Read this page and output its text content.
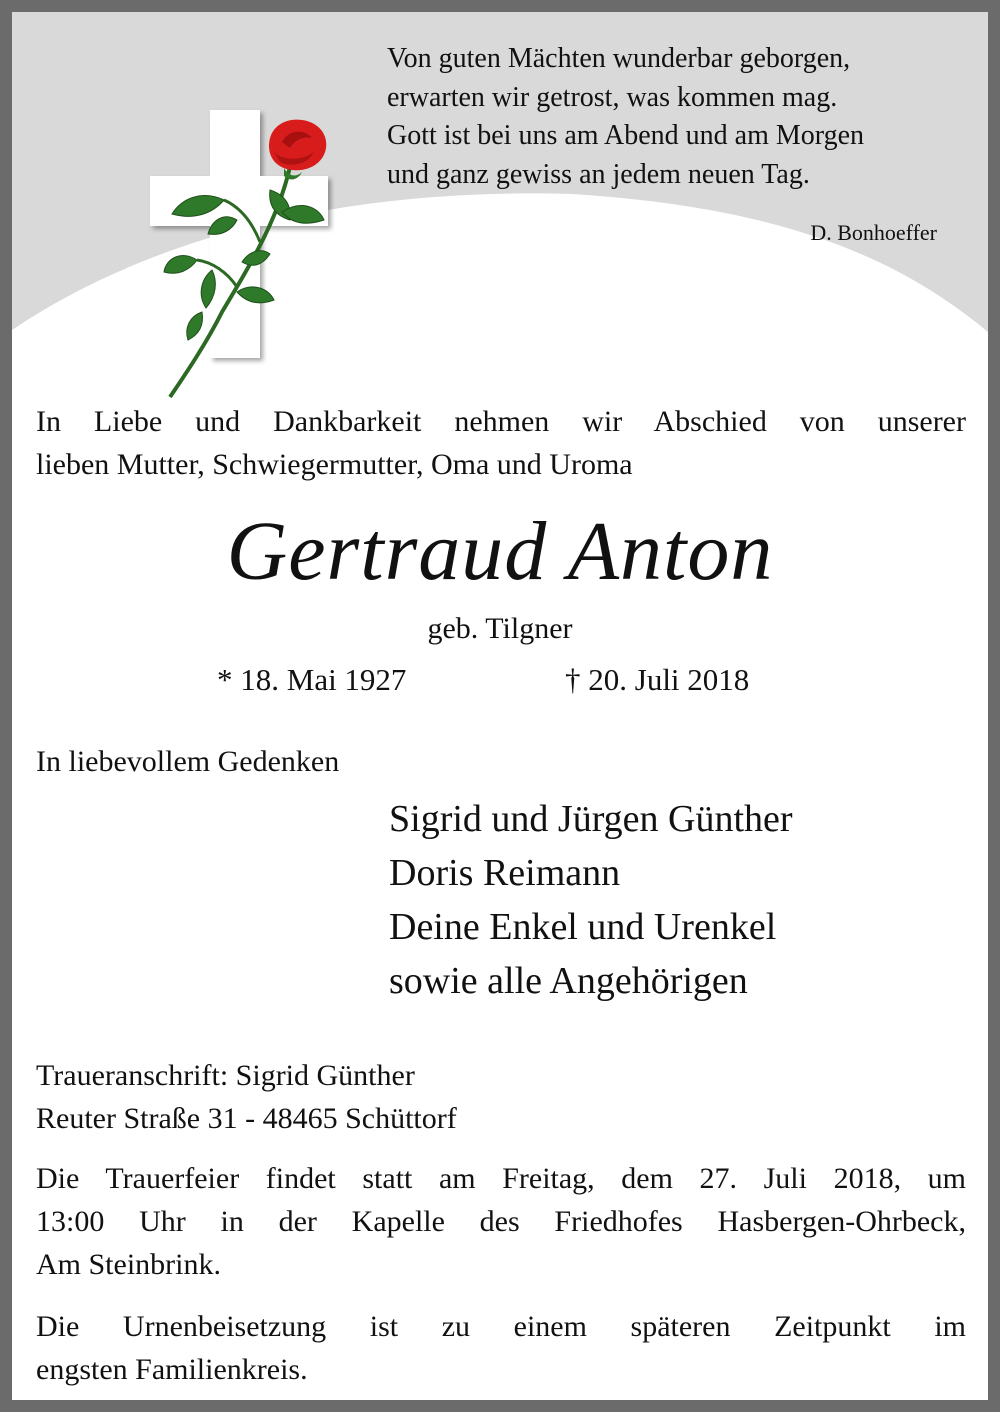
Von guten Mächten wunderbar geborgen,
erwarten wir getrost, was kommen mag.
Gott ist bei uns am Abend und am Morgen
und ganz gewiss an jedem neuen Tag.
D. Bonhoeffer
In Liebe und Dankbarkeit nehmen wir Abschied von unserer
lieben Mutter, Schwiegermutter, Oma und Uroma
Gertraud Anton
geb. Tilgner
* 18. Mai 1927	† 20. Juli 2018
In liebevollem Gedenken
Sigrid und Jürgen Günther
Doris Reimann
Deine Enkel und Urenkel
sowie alle Angehörigen
Traueranschrift: Sigrid Günther
Reuter Straße 31 - 48465 Schüttorf
Die Trauerfeier findet statt am Freitag, dem 27. Juli 2018, um
13:00 Uhr in der Kapelle des Friedhofes Hasbergen-Ohrbeck,
Am Steinbrink.
Die Urnenbeisetzung ist zu einem späteren Zeitpunkt im
engsten Familienkreis.
